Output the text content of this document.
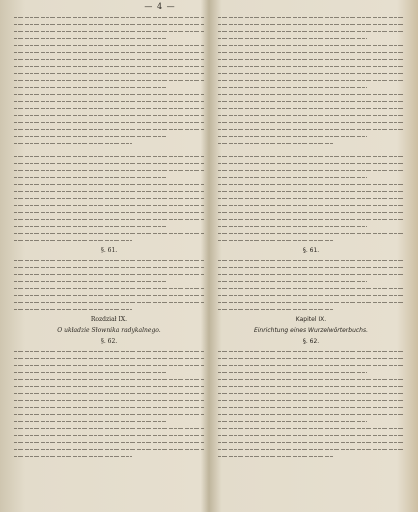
— 4 —
§. 61.
Rozdział IX.
O układzie Słownika radykalnego.
§. 62.
§. 61.
Kapitel IX.
Einrichtung eines Wurzelwörterbuchs.
§. 62.
